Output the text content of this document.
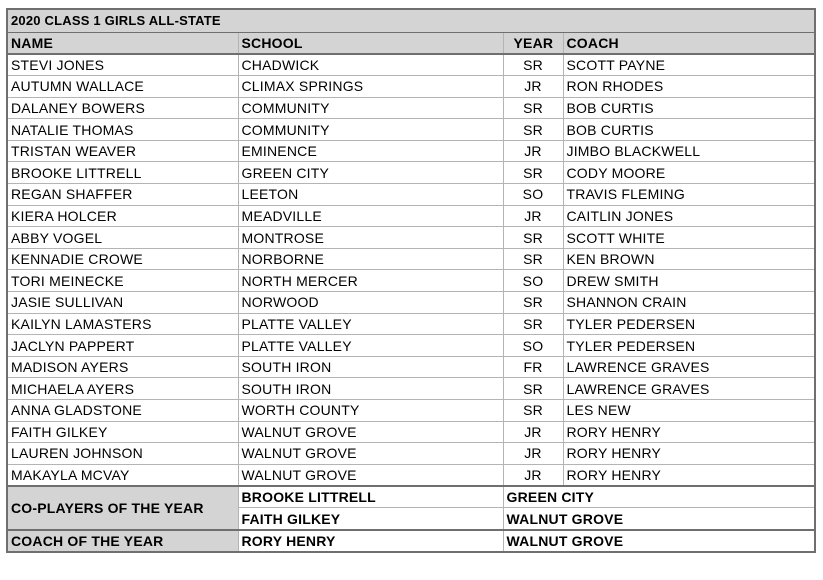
2020 CLASS 1 GIRLS ALL-STATE			
NAME	SCHOOL	YEAR	COACH
STEVI JONES	CHADWICK	SR	SCOTT PAYNE
AUTUMN WALLACE	CLIMAX SPRINGS	JR	RON RHODES
DALANEY BOWERS	COMMUNITY	SR	BOB CURTIS
NATALIE THOMAS	COMMUNITY	SR	BOB CURTIS
TRISTAN WEAVER	EMINENCE	JR	JIMBO BLACKWELL
BROOKE LITTRELL	GREEN CITY	SR	CODY MOORE
REGAN SHAFFER	LEETON	SO	TRAVIS FLEMING
KIERA HOLCER	MEADVILLE	JR	CAITLIN JONES
ABBY VOGEL	MONTROSE	SR	SCOTT WHITE
KENNADIE CROWE	NORBORNE	SR	KEN BROWN
TORI MEINECKE	NORTH MERCER	SO	DREW SMITH
JASIE SULLIVAN	NORWOOD	SR	SHANNON CRAIN
KAILYN LAMASTERS	PLATTE VALLEY	SR	TYLER PEDERSEN
JACLYN PAPPERT	PLATTE VALLEY	SO	TYLER PEDERSEN
MADISON AYERS	SOUTH IRON	FR	LAWRENCE GRAVES
MICHAELA AYERS	SOUTH IRON	SR	LAWRENCE GRAVES
ANNA GLADSTONE	WORTH COUNTY	SR	LES NEW
FAITH GILKEY	WALNUT GROVE	JR	RORY HENRY
LAUREN JOHNSON	WALNUT GROVE	JR	RORY HENRY
MAKAYLA MCVAY	WALNUT GROVE	JR	RORY HENRY
CO-PLAYERS OF THE YEAR	BROOKE LITTRELL	GREEN CITY	
	FAITH GILKEY	WALNUT GROVE	
COACH OF THE YEAR	RORY HENRY	WALNUT GROVE	
